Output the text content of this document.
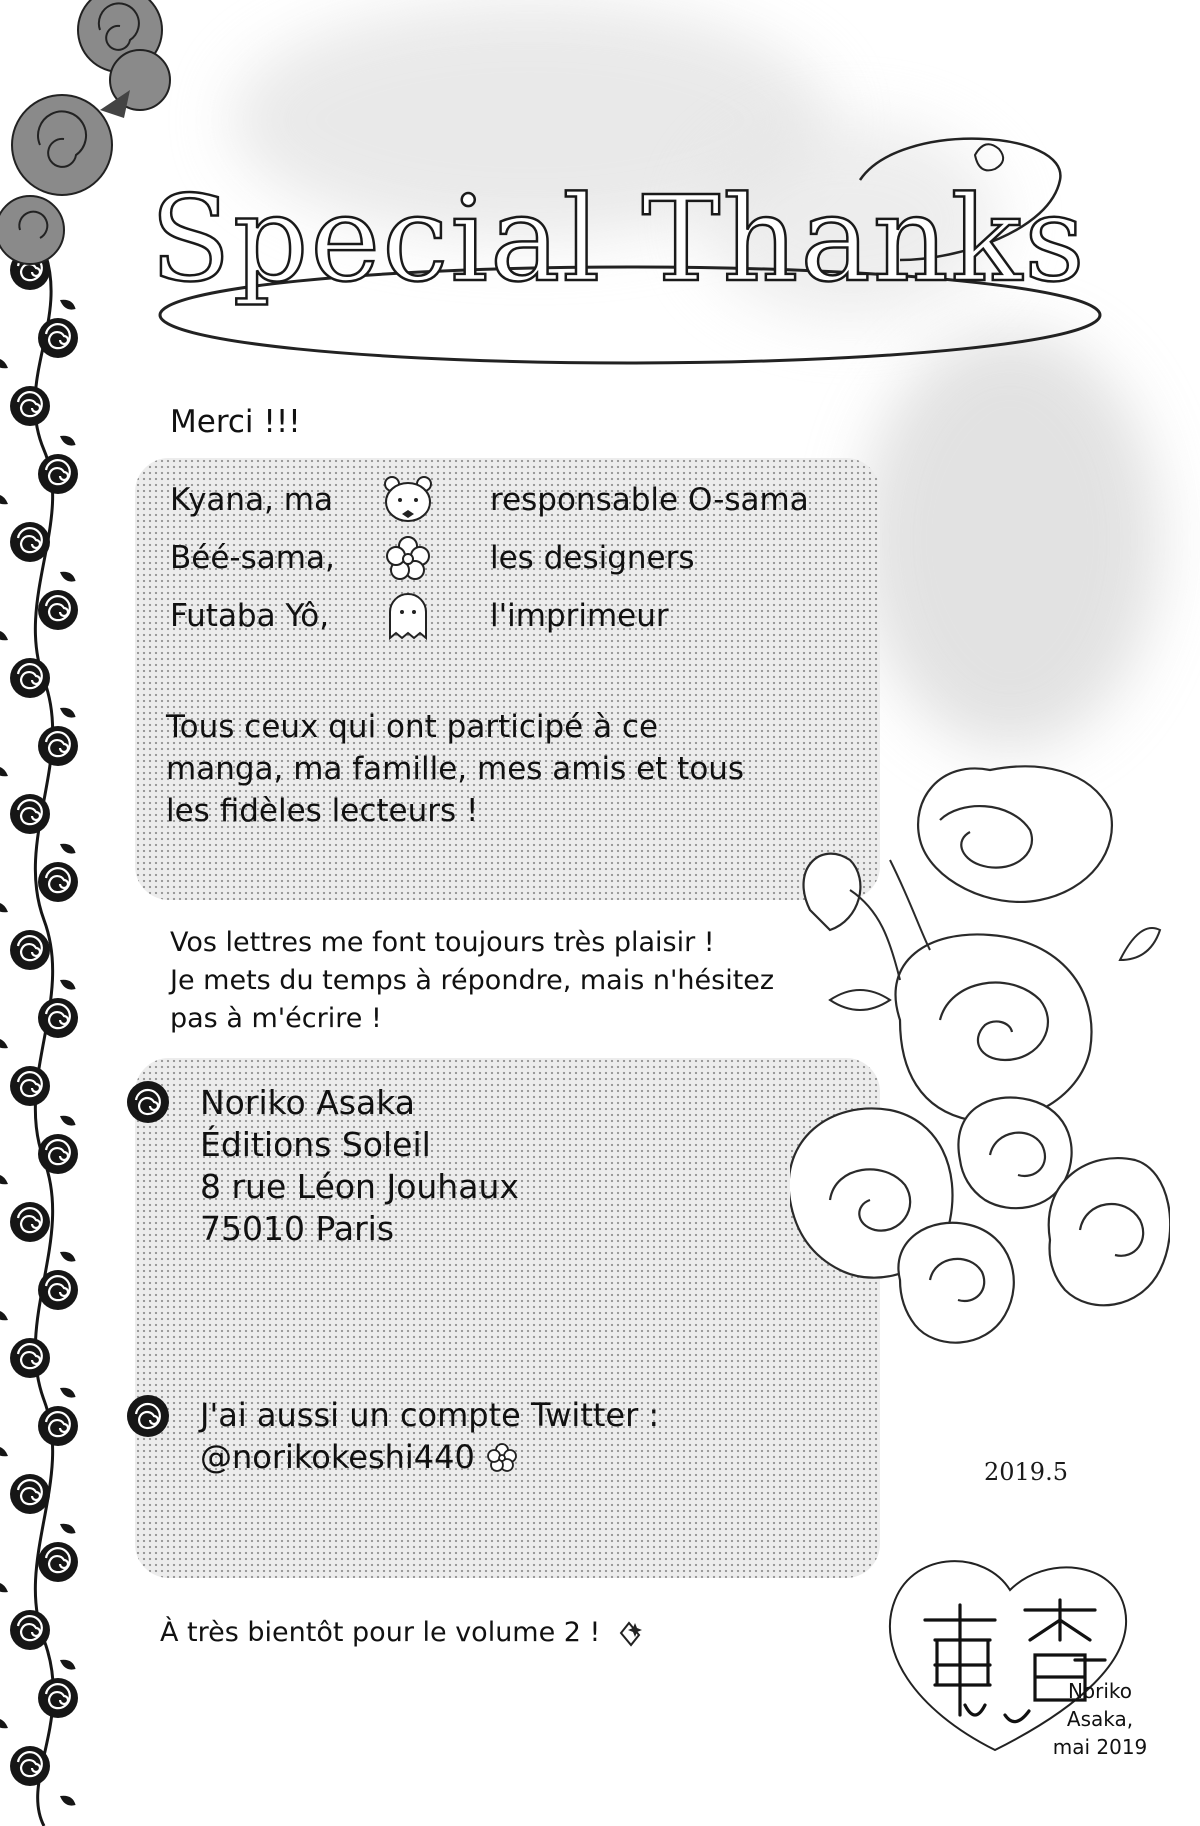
Special Thanks
Merci !!!
Kyana, ma	responsable O-sama
Béé-sama,	les designers
Futaba Yô,	l'imprimeur
Tous ceux qui ont participé à ce
manga, ma famille, mes amis et tous
les fidèles lecteurs !
Vos lettres me font toujours très plaisir !
Je mets du temps à répondre, mais n'hésitez
pas à m'écrire !
Noriko Asaka
Éditions Soleil
8 rue Léon Jouhaux
75010 Paris
J'ai aussi un compte Twitter :
@norikokeshi440
À très bientôt pour le volume 2 !
2019.5
Noriko
Asaka,
mai 2019
